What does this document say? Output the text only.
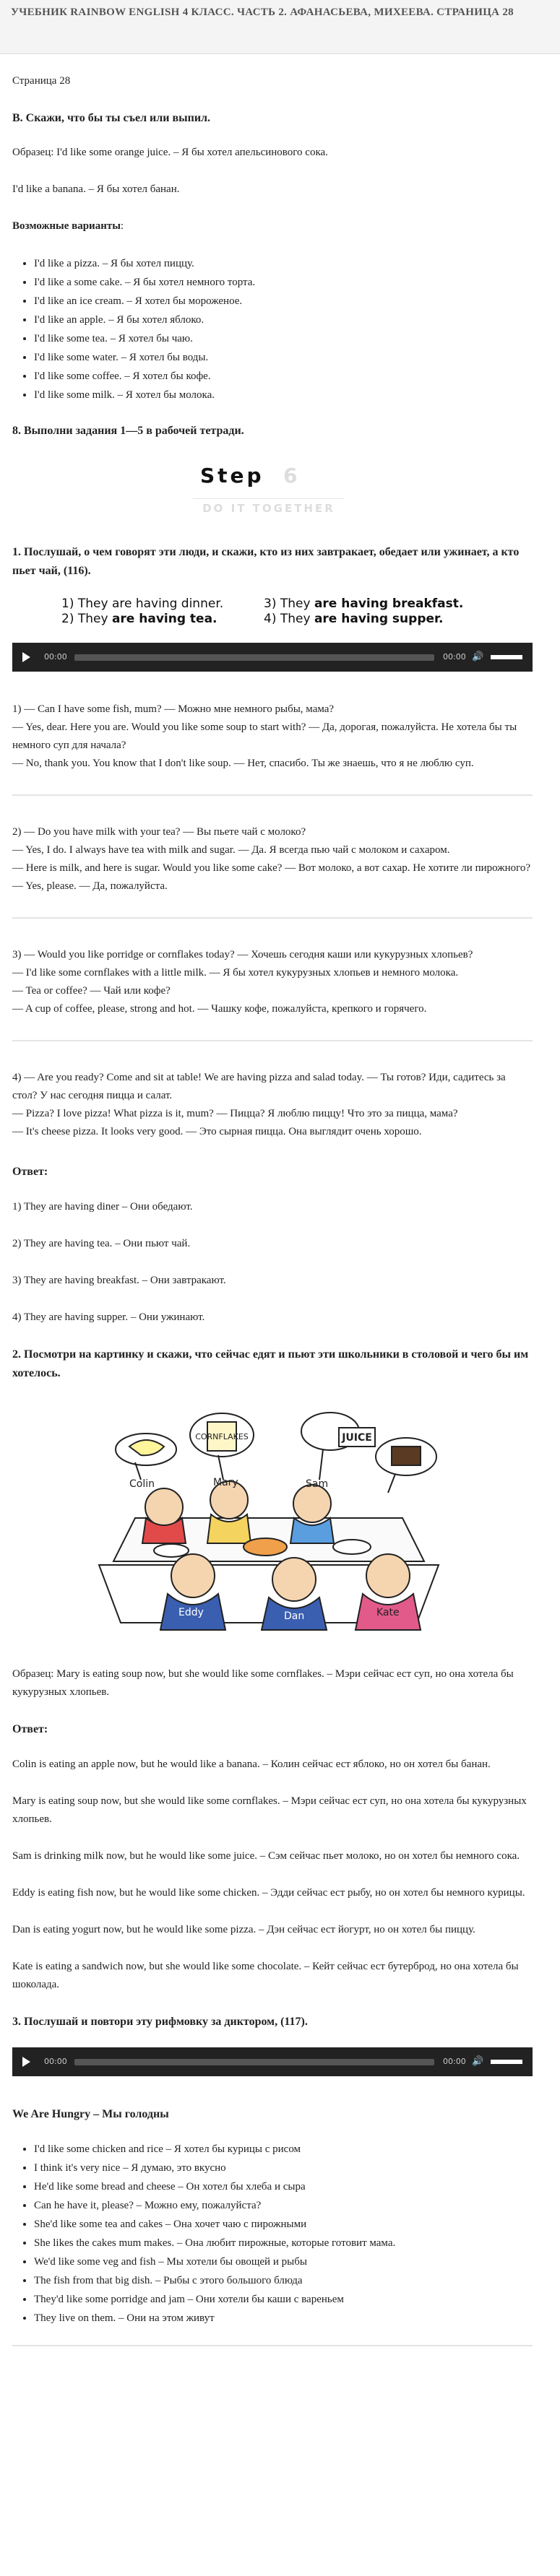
УЧЕБНИК RAINBOW ENGLISH 4 КЛАСС. ЧАСТЬ 2. АФАНАСЬЕВА, МИХЕЕВА. СТРАНИЦА 28

Страница 28

B. Скажи, что бы ты съел или выпил.

Образец: I'd like some orange juice. – Я бы хотел апельсинового сока.

I'd like a banana. – Я бы хотел банан.

Возможные варианты:

• I'd like a pizza. – Я бы хотел пиццу.
• I'd like a some cake. – Я бы хотел немного торта.
• I'd like an ice cream. – Я хотел бы мороженое.
• I'd like an apple. – Я бы хотел яблоко.
• I'd like some tea. – Я хотел бы чаю.
• I'd like some water. – Я хотел бы воды.
• I'd like some coffee. – Я хотел бы кофе.
• I'd like some milk. – Я хотел бы молока.
8. Выполни задания 1—5 в рабочей тетради.
Step 6
DO IT TOGETHER
1. Послушай, о чем говорят эти люди, и скажи, кто из них завтракает, обедает или ужинает, а кто пьет чай, (116).
1) They are having dinner.	3) They are having breakfast.
2) They are having tea.	4) They are having supper.
00:00	00:00 🔊

1) — Can I have some fish, mum? — Можно мне немного рыбы, мама?

— Yes, dear. Here you are. Would you like some soup to start with? — Да, дорогая, пожалуйста. Не хотела бы ты немного суп для начала?

— No, thank you. You know that I don't like soup. — Нет, спасибо. Ты же знаешь, что я не люблю суп.

2) — Do you have milk with your tea? — Вы пьете чай с молоко?

— Yes, I do. I always have tea with milk and sugar. — Да. Я всегда пью чай с молоком и сахаром.

— Here is milk, and here is sugar. Would you like some cake? — Вот молоко, а вот сахар. Не хотите ли пирожного?

— Yes, please. — Да, пожалуйста.

3) — Would you like porridge or cornflakes today? — Хочешь сегодня каши или кукурузных хлопьев?

— I'd like some cornflakes with a little milk. — Я бы хотел кукурузных хлопьев и немного молока.

— Tea or coffee? — Чай или кофе?

— A cup of coffee, please, strong and hot. — Чашку кофе, пожалуйста, крепкого и горячего.

4) — Are you ready? Come and sit at table! We are having pizza and salad today. — Ты готов? Иди, садитесь за стол? У нас сегодня пицца и салат.

— Pizza? I love pizza! What pizza is it, mum? — Пицца? Я люблю пиццу! Что это за пицца, мама?

— It's cheese pizza. It looks very good. — Это сырная пицца. Она выглядит очень хорошо.

Ответ:

1) They are having diner – Они обедают.

2) They are having tea. – Они пьют чай.

3) They are having breakfast. – Они завтракают.

4) They are having supper. – Они ужинают.

2. Посмотри на картинку и скажи, что сейчас едят и пьют эти школьники в столовой и чего бы им хотелось.
CORNFLAKES	JUICE
Colin	Mary	Sam
Eddy	Dan	Kate

Образец: Mary is eating soup now, but she would like some cornflakes. – Мэри сейчас ест суп, но она хотела бы кукурузных хлопьев.

Ответ:

Colin is eating an apple now, but he would like a banana. – Колин сейчас ест яблоко, но он хотел бы банан.

Mary is eating soup now, but she would like some cornflakes. – Мэри сейчас ест суп, но она хотела бы кукурузных хлопьев.

Sam is drinking milk now, but he would like some juice. – Сэм сейчас пьет молоко, но он хотел бы немного сока.

Eddy is eating fish now, but he would like some chicken. – Эдди сейчас ест рыбу, но он хотел бы немного курицы.

Dan is eating yogurt now, but he would like some pizza. – Дэн сейчас ест йогурт, но он хотел бы пиццу.

Kate is eating a sandwich now, but she would like some chocolate. – Кейт сейчас ест бутерброд, но она хотела бы шоколада.

3. Послушай и повтори эту рифмовку за диктором, (117).
00:00	00:00 🔊
We Are Hungry – Мы голодны
• I'd like some chicken and rice – Я хотел бы курицы с рисом
• I think it's very nice – Я думаю, это вкусно
• He'd like some bread and cheese – Он хотел бы хлеба и сыра
• Can he have it, please? – Можно ему, пожалуйста?
• She'd like some tea and cakes – Она хочет чаю с пирожными
• She likes the cakes mum makes. – Она любит пирожные, которые готовит мама.
• We'd like some veg and fish – Мы хотели бы овощей и рыбы
• The fish from that big dish. – Рыбы с этого большого блюда
• They'd like some porridge and jam – Они хотели бы каши с вареньем
• They live on them. – Они на этом живут
